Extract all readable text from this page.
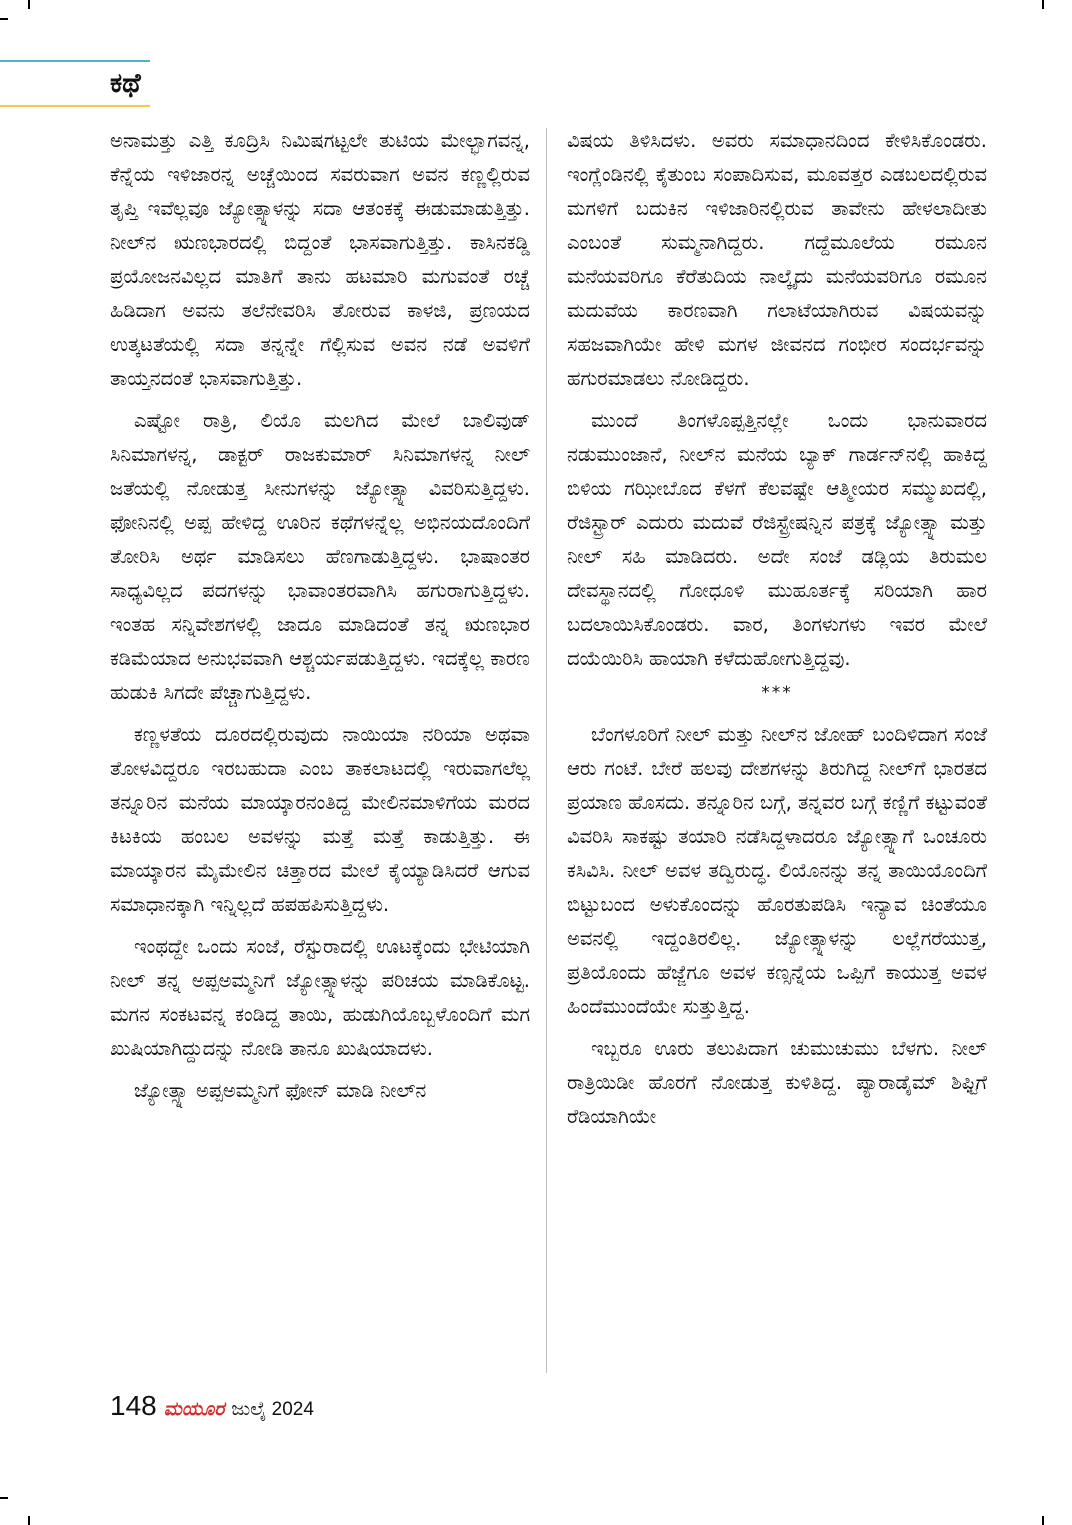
ಕಥೆ

ಅನಾಮತ್ತು ಎತ್ತಿ ಕೂದ್ರಿಸಿ ನಿಮಿಷಗಟ್ಟಲೇ ತುಟಿಯ ಮೇಲ್ಭಾಗವನ್ನ, ಕೆನ್ನೆಯ ಇಳಿಜಾರನ್ನ ಅಚ್ಚೆಯಿಂದ ಸವರುವಾಗ ಅವನ ಕಣ್ಣಲ್ಲಿರುವ ತೃಪ್ತಿ ಇವೆಲ್ಲವೂ ಜ್ಯೋತ್ಸ್ನಾಳನ್ನು ಸದಾ ಆತಂಕಕ್ಕೆ ಈಡುಮಾಡುತ್ತಿತ್ತು. ನೀಲ್‌ನ ಋಣಭಾರದಲ್ಲಿ ಬಿದ್ದಂತೆ ಭಾಸವಾಗುತ್ತಿತ್ತು. ಕಾಸಿನಕಡ್ಡಿ ಪ್ರಯೋಜನವಿಲ್ಲದ ಮಾತಿಗೆ ತಾನು ಹಟಮಾರಿ ಮಗುವಂತೆ ರಚ್ಚೆ ಹಿಡಿದಾಗ ಅವನು ತಲೆನೇವರಿಸಿ ತೋರುವ ಕಾಳಜಿ, ಪ್ರಣಯದ ಉತ್ಕಟತೆಯಲ್ಲಿ ಸದಾ ತನ್ನನ್ನೇ ಗೆಲ್ಲಿಸುವ ಅವನ ನಡೆ ಅವಳಿಗೆ ತಾಯ್ತನದಂತೆ ಭಾಸವಾಗುತ್ತಿತ್ತು.

ಎಷ್ಟೋ ರಾತ್ರಿ, ಲಿಯೊ ಮಲಗಿದ ಮೇಲೆ ಬಾಲಿವುಡ್ ಸಿನಿಮಾಗಳನ್ನ, ಡಾಕ್ಟರ್ ರಾಜಕುಮಾರ್ ಸಿನಿಮಾಗಳನ್ನ ನೀಲ್ ಜತೆಯಲ್ಲಿ ನೋಡುತ್ತ ಸೀನುಗಳನ್ನು ಜ್ಯೋತ್ಸ್ನಾ ವಿವರಿಸುತ್ತಿದ್ದಳು. ಫೋನಿನಲ್ಲಿ ಅಪ್ಪ ಹೇಳಿದ್ದ ಊರಿನ ಕಥೆಗಳನ್ನೆಲ್ಲ ಅಭಿನಯದೊಂದಿಗೆ ತೋರಿಸಿ ಅರ್ಥ ಮಾಡಿಸಲು ಹೆಣಗಾಡುತ್ತಿದ್ದಳು. ಭಾಷಾಂತರ ಸಾಧ್ಯವಿಲ್ಲದ ಪದಗಳನ್ನು ಭಾವಾಂತರವಾಗಿಸಿ ಹಗುರಾಗುತ್ತಿದ್ದಳು. ಇಂತಹ ಸನ್ನಿವೇಶಗಳಲ್ಲಿ ಜಾದೂ ಮಾಡಿದಂತೆ ತನ್ನ ಋಣಭಾರ ಕಡಿಮೆಯಾದ ಅನುಭವವಾಗಿ ಆಶ್ಚರ್ಯಪಡುತ್ತಿದ್ದಳು. ಇದಕ್ಕೆಲ್ಲ ಕಾರಣ ಹುಡುಕಿ ಸಿಗದೇ ಪೆಚ್ಚಾಗುತ್ತಿದ್ದಳು.

ಕಣ್ಣಳತೆಯ ದೂರದಲ್ಲಿರುವುದು ನಾಯಿಯಾ ನರಿಯಾ ಅಥವಾ ತೋಳವಿದ್ದರೂ ಇರಬಹುದಾ ಎಂಬ ತಾಕಲಾಟದಲ್ಲಿ ಇರುವಾಗಲೆಲ್ಲ ತನ್ನೂರಿನ ಮನೆಯ ಮಾಯ್ಕಾರನಂತಿದ್ದ ಮೇಲಿನಮಾಳಿಗೆಯ ಮರದ ಕಿಟಕಿಯ ಹಂಬಲ ಅವಳನ್ನು ಮತ್ತೆ ಮತ್ತೆ ಕಾಡುತ್ತಿತ್ತು. ಈ ಮಾಯ್ಕಾರನ ಮೈಮೇಲಿನ ಚಿತ್ತಾರದ ಮೇಲೆ ಕೈಯ್ಯಾಡಿಸಿದರೆ ಆಗುವ ಸಮಾಧಾನಕ್ಕಾಗಿ ಇನ್ನಿಲ್ಲದೆ ಹಪಹಪಿಸುತ್ತಿದ್ದಳು.

ಇಂಥದ್ದೇ ಒಂದು ಸಂಜೆ, ರೆಸ್ಟುರಾದಲ್ಲಿ ಊಟಕ್ಕೆಂದು ಭೇಟಿಯಾಗಿ ನೀಲ್ ತನ್ನ ಅಪ್ಪಅಮ್ಮನಿಗೆ ಜ್ಯೋತ್ಸ್ನಾಳನ್ನು ಪರಿಚಯ ಮಾಡಿಕೊಟ್ಟ. ಮಗನ ಸಂಕಟವನ್ನ ಕಂಡಿದ್ದ ತಾಯಿ, ಹುಡುಗಿಯೊಬ್ಬಳೊಂದಿಗೆ ಮಗ ಖುಷಿಯಾಗಿದ್ದುದನ್ನು ನೋಡಿ ತಾನೂ ಖುಷಿಯಾದಳು.

ಜ್ಯೋತ್ಸ್ನಾ ಅಪ್ಪಅಮ್ಮನಿಗೆ ಫೋನ್ ಮಾಡಿ ನೀಲ್‌ನ

ವಿಷಯ ತಿಳಿಸಿದಳು. ಅವರು ಸಮಾಧಾನದಿಂದ ಕೇಳಿಸಿಕೊಂಡರು. ಇಂಗ್ಲೆಂಡಿನಲ್ಲಿ ಕೈತುಂಬ ಸಂಪಾದಿಸುವ, ಮೂವತ್ತರ ಎಡಬಲದಲ್ಲಿರುವ ಮಗಳಿಗೆ ಬದುಕಿನ ಇಳಿಜಾರಿನಲ್ಲಿರುವ ತಾವೇನು ಹೇಳಲಾದೀತು ಎಂಬಂತೆ ಸುಮ್ಮನಾಗಿದ್ದರು. ಗದ್ದೆಮೂಲೆಯ ರಮೂನ ಮನೆಯವರಿಗೂ ಕೆರೆತುದಿಯ ನಾಲ್ಕೈದು ಮನೆಯವರಿಗೂ ರಮೂನ ಮದುವೆಯ ಕಾರಣವಾಗಿ ಗಲಾಟೆಯಾಗಿರುವ ವಿಷಯವನ್ನು ಸಹಜವಾಗಿಯೇ ಹೇಳಿ ಮಗಳ ಜೀವನದ ಗಂಭೀರ ಸಂದರ್ಭವನ್ನು ಹಗುರಮಾಡಲು ನೋಡಿದ್ದರು.

ಮುಂದೆ ತಿಂಗಳೊಪ್ಪತ್ತಿನಲ್ಲೇ ಒಂದು ಭಾನುವಾರದ ನಡುಮುಂಜಾನೆ, ನೀಲ್‌ನ ಮನೆಯ ಬ್ಯಾಕ್ ಗಾರ್ಡನ್‌ನಲ್ಲಿ ಹಾಕಿದ್ದ ಬಿಳಿಯ ಗಝೀಬೊದ ಕೆಳಗೆ ಕೆಲವಷ್ಟೇ ಆತ್ಮೀಯರ ಸಮ್ಮುಖದಲ್ಲಿ, ರೆಜಿಸ್ಟ್ರಾರ್ ಎದುರು ಮದುವೆ ರೆಜಿಸ್ಟ್ರೇಷನ್ನಿನ ಪತ್ರಕ್ಕೆ ಜ್ಯೋತ್ಸ್ನಾ ಮತ್ತು ನೀಲ್ ಸಹಿ ಮಾಡಿದರು. ಅದೇ ಸಂಜೆ ಡಡ್ಲಿಯ ತಿರುಮಲ ದೇವಸ್ಥಾನದಲ್ಲಿ ಗೋಧೂಳಿ ಮುಹೂರ್ತಕ್ಕೆ ಸರಿಯಾಗಿ ಹಾರ ಬದಲಾಯಿಸಿಕೊಂಡರು. ವಾರ, ತಿಂಗಳುಗಳು ಇವರ ಮೇಲೆ ದಯೆಯಿರಿಸಿ ಹಾಯಾಗಿ ಕಳೆದುಹೋಗುತ್ತಿದ್ದವು.

***

ಬೆಂಗಳೂರಿಗೆ ನೀಲ್ ಮತ್ತು ನೀಲ್‌ನ ಜೋಹ್ ಬಂದಿಳಿದಾಗ ಸಂಜೆ ಆರು ಗಂಟೆ. ಬೇರೆ ಹಲವು ದೇಶಗಳನ್ನು ತಿರುಗಿದ್ದ ನೀಲ್‌ಗೆ ಭಾರತದ ಪ್ರಯಾಣ ಹೊಸದು. ತನ್ನೂರಿನ ಬಗ್ಗೆ, ತನ್ನವರ ಬಗ್ಗೆ ಕಣ್ಣಿಗೆ ಕಟ್ಟುವಂತೆ ವಿವರಿಸಿ ಸಾಕಷ್ಟು ತಯಾರಿ ನಡೆಸಿದ್ದಳಾದರೂ ಜ್ಯೋತ್ಸ್ನಾಗೆ ಒಂಚೂರು ಕಸಿವಿಸಿ. ನೀಲ್ ಅವಳ ತದ್ವಿರುದ್ಧ. ಲಿಯೊನನ್ನು ತನ್ನ ತಾಯಿಯೊಂದಿಗೆ ಬಿಟ್ಟುಬಂದ ಅಳುಕೊಂದನ್ನು ಹೊರತುಪಡಿಸಿ ಇನ್ಯಾವ ಚಿಂತೆಯೂ ಅವನಲ್ಲಿ ಇದ್ದಂತಿರಲಿಲ್ಲ. ಜ್ಯೋತ್ಸ್ನಾಳನ್ನು ಲಲ್ಲೆಗರೆಯುತ್ತ, ಪ್ರತಿಯೊಂದು ಹೆಜ್ಜೆಗೂ ಅವಳ ಕಣ್ಸನ್ನೆಯ ಒಪ್ಪಿಗೆ ಕಾಯುತ್ತ ಅವಳ ಹಿಂದೆಮುಂದೆಯೇ ಸುತ್ತುತ್ತಿದ್ದ.

ಇಬ್ಬರೂ ಊರು ತಲುಪಿದಾಗ ಚುಮುಚುಮು ಬೆಳಗು. ನೀಲ್ ರಾತ್ರಿಯಿಡೀ ಹೊರಗೆ ನೋಡುತ್ತ ಕುಳಿತಿದ್ದ. ಪ್ಯಾರಾಡೈಮ್ ಶಿಫ್ಟಿಗೆ ರೆಡಿಯಾಗಿಯೇ

148 ಮಯೂರ ಜುಲೈ 2024
